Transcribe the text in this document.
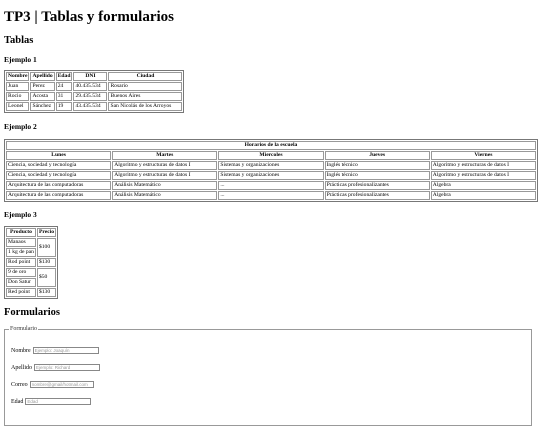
TP3 | Tablas y formularios
Tablas
Ejemplo 1
Nombre	Apellido	Edad	DNI	Ciudad
Juan	Perez	24	40.435.534	Rosario
Rocio	Acosta	31	29.435.534	Buenos Aires
Leonel	Sánchez	19	43.435.534	San Nicolás de los Arroyos
Ejemplo 2
Horarios de la escuela				
Lunes	Martes	Miercoles	Jueves	Viernes
Ciencia, sociedad y tecnología	Algoritmo y estructuras de datos I	Sistemas y organizaciones	Inglés técnico	Algoritmo y estructuras de datos I
Ciencia, sociedad y tecnología	Algoritmo y estructuras de datos I	Sistemas y organizaciones	Inglés técnico	Algoritmo y estructuras de datos I
Arquitectura de las computadoras	Análisis Matemático	...	Prácticas profesionalizantes	Algebra
Arquitectura de las computadoras	Análisis Matemático	...	Prácticas profesionalizantes	Algebra
Ejemplo 3
Producto	Precio
Manaos	$100
1 kg de pan	
Rod point	$130
9 de oro	$50
Don Satur	
Red point	$130
Formularios
Formulario
Nombre
Ejemplo: Joaquín
Apellido
Ejemplo: Richard
Correo
nombre@gmail/hotmail.com
Edad
Edad
